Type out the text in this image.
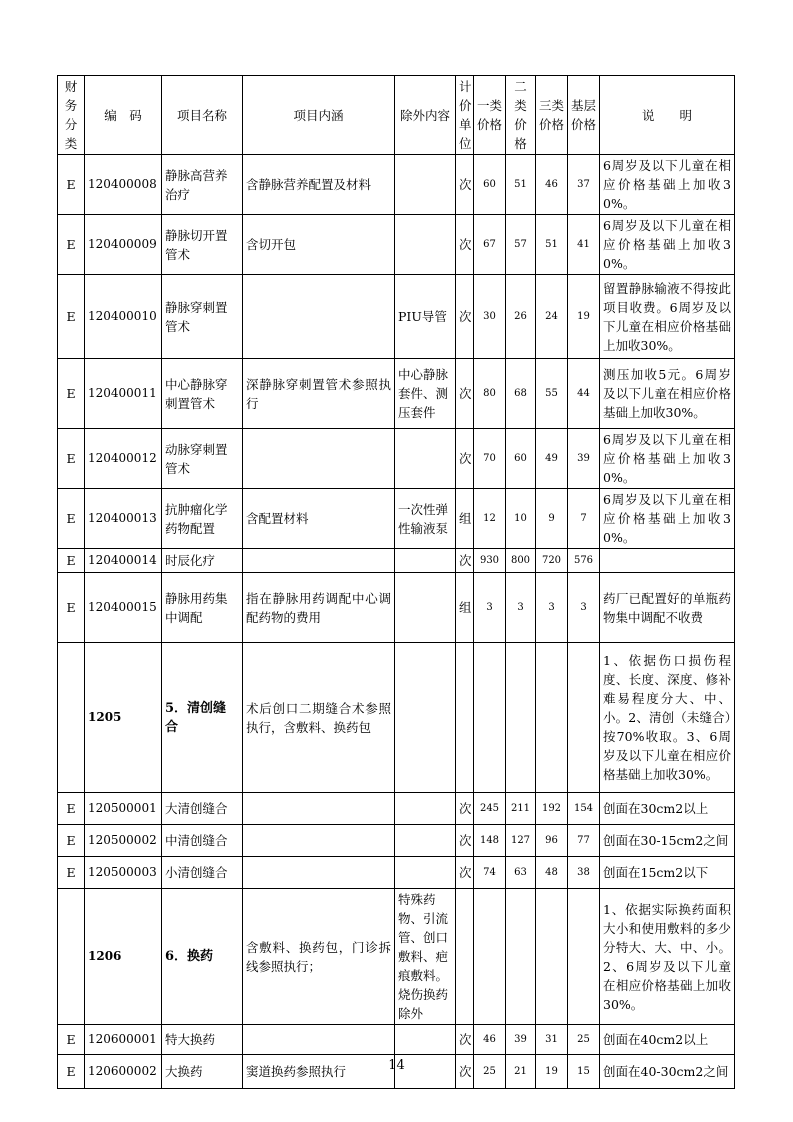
财务分类	编　码	项目名称	项目内涵	除外内容	计价单位	一类价格	二类价格	三类价格	基层价格	说　　明
E	120400008	静脉高营养治疗	含静脉营养配置及材料		次	60	51	46	37	6周岁及以下儿童在相应价格基础上加收30%。
E	120400009	静脉切开置管术	含切开包		次	67	57	51	41	6周岁及以下儿童在相应价格基础上加收30%。
E	120400010	静脉穿刺置管术		PIU导管	次	30	26	24	19	留置静脉输液不得按此项目收费。6周岁及以下儿童在相应价格基础上加收30%。
E	120400011	中心静脉穿刺置管术	深静脉穿刺置管术参照执行	中心静脉套件、测压套件	次	80	68	55	44	测压加收5元。6周岁及以下儿童在相应价格基础上加收30%。
E	120400012	动脉穿刺置管术			次	70	60	49	39	6周岁及以下儿童在相应价格基础上加收30%。
E	120400013	抗肿瘤化学药物配置	含配置材料	一次性弹性输液泵	组	12	10	9	7	6周岁及以下儿童在相应价格基础上加收30%。
E	120400014	时辰化疗			次	930	800	720	576	
E	120400015	静脉用药集中调配	指在静脉用药调配中心调配药物的费用		组	3	3	3	3	药厂已配置好的单瓶药物集中调配不收费
	1205	5．清创缝合	术后创口二期缝合术参照执行，含敷料、换药包							1、依据伤口损伤程度、长度、深度、修补难易程度分大、中、小。2、清创（未缝合）按70%收取。3、6周岁及以下儿童在相应价格基础上加收30%。
E	120500001	大清创缝合			次	245	211	192	154	创面在30cm2以上
E	120500002	中清创缝合			次	148	127	96	77	创面在30-15cm2之间
E	120500003	小清创缝合			次	74	63	48	38	创面在15cm2以下
	1206	6．换药	含敷料、换药包，门诊拆线参照执行；	特殊药物、引流管、创口敷料、疤痕敷料。烧伤换药除外						1、依据实际换药面积大小和使用敷料的多少分特大、大、中、小。2、6周岁及以下儿童在相应价格基础上加收30%。
E	120600001	特大换药			次	46	39	31	25	创面在40cm2以上
E	120600002	大换药	窦道换药参照执行		次	25	21	19	15	创面在40-30cm2之间
14
